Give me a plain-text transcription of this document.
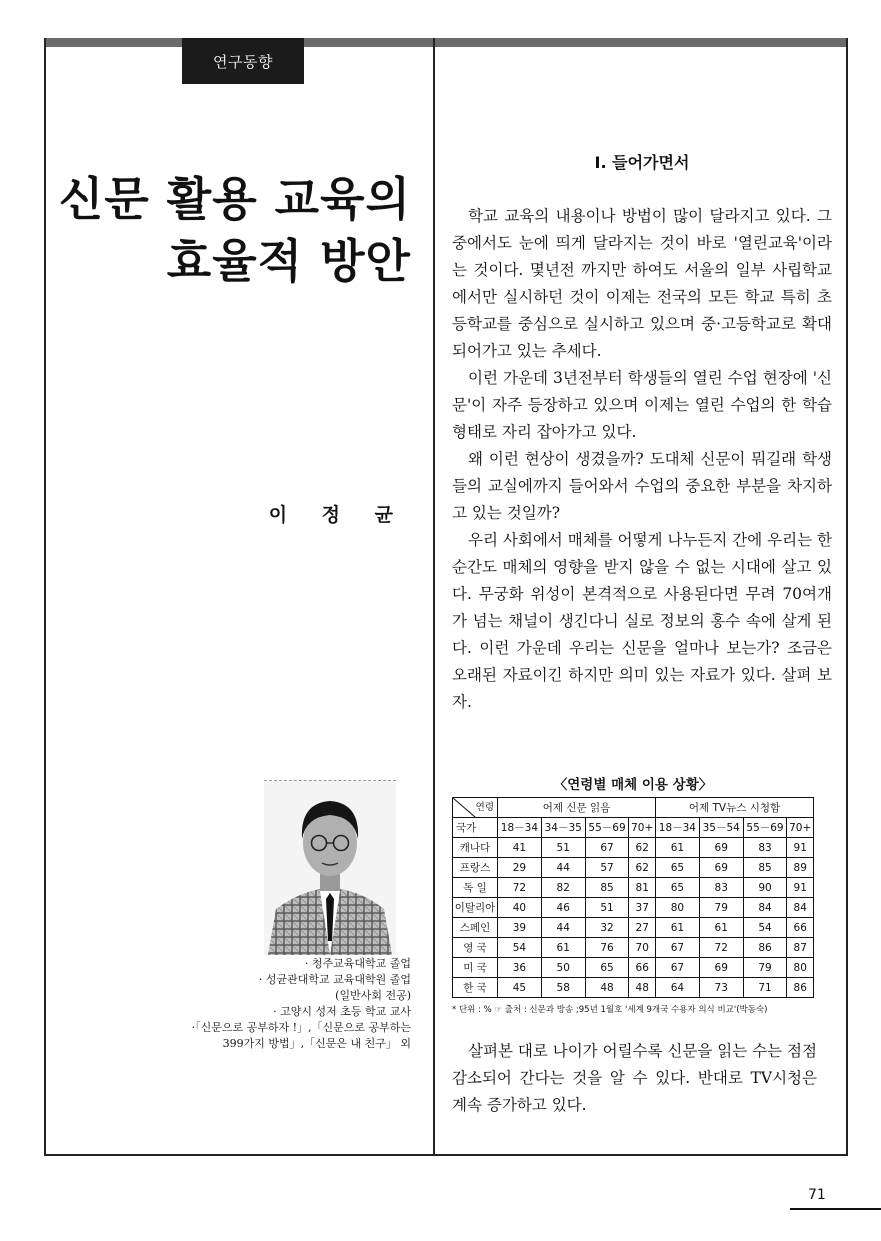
연구동향
신문 활용 교육의
효율적 방안
이 정 균
· 청주교육대학교 졸업
· 성균관대학교 교육대학원 졸업
(일반사회 전공)
· 고양시 성저 초등 학교 교사
·「신문으로 공부하자 !」,「신문으로 공부하는
399가지 방법」,「신문은 내 친구」 외
Ⅰ. 들어가면서

학교 교육의 내용이나 방법이 많이 달라지고 있다. 그 중에서도 눈에 띄게 달라지는 것이 바로 '열린교육'이라는 것이다. 몇년전 까지만 하여도 서울의 일부 사립학교에서만 실시하던 것이 이제는 전국의 모든 학교 특히 초등학교를 중심으로 실시하고 있으며 중·고등학교로 확대되어가고 있는 추세다.

이런 가운데 3년전부터 학생들의 열린 수업 현장에 '신문'이 자주 등장하고 있으며 이제는 열린 수업의 한 학습형태로 자리 잡아가고 있다.

왜 이런 현상이 생겼을까? 도대체 신문이 뭐길래 학생들의 교실에까지 들어와서 수업의 중요한 부분을 차지하고 있는 것일까?

우리 사회에서 매체를 어떻게 나누든지 간에 우리는 한 순간도 매체의 영향을 받지 않을 수 없는 시대에 살고 있다. 무궁화 위성이 본격적으로 사용된다면 무려 70여개가 넘는 채널이 생긴다니 실로 정보의 홍수 속에 살게 된다. 이런 가운데 우리는 신문을 얼마나 보는가? 조금은 오래된 자료이긴 하지만 의미 있는 자료가 있다. 살펴 보자.

〈연령별 매체 이용 상황〉
연령	어제 신문 읽음				어제 TV뉴스 시청함			
국가	18－34	34－35	55－69	70+	18－34	35－54	55－69	70+
캐나다	41	51	67	62	61	69	83	91
프랑스	29	44	57	62	65	69	85	89
독 일	72	82	85	81	65	83	90	91
이탈리아	40	46	51	37	80	79	84	84
스페인	39	44	32	27	61	61	54	66
영 국	54	61	76	70	67	72	86	87
미 국	36	50	65	66	67	69	79	80
한 국	45	58	48	48	64	73	71	86
* 단위 : % ☞ 출처 : 신문과 방송 ;95년 1월호 '세계 9개국 수용자 의식 비교'(박동숙)

살펴본 대로 나이가 어릴수록 신문을 읽는 수는 점점 감소되어 간다는 것을 알 수 있다. 반대로 TV시청은 계속 증가하고 있다.

71
